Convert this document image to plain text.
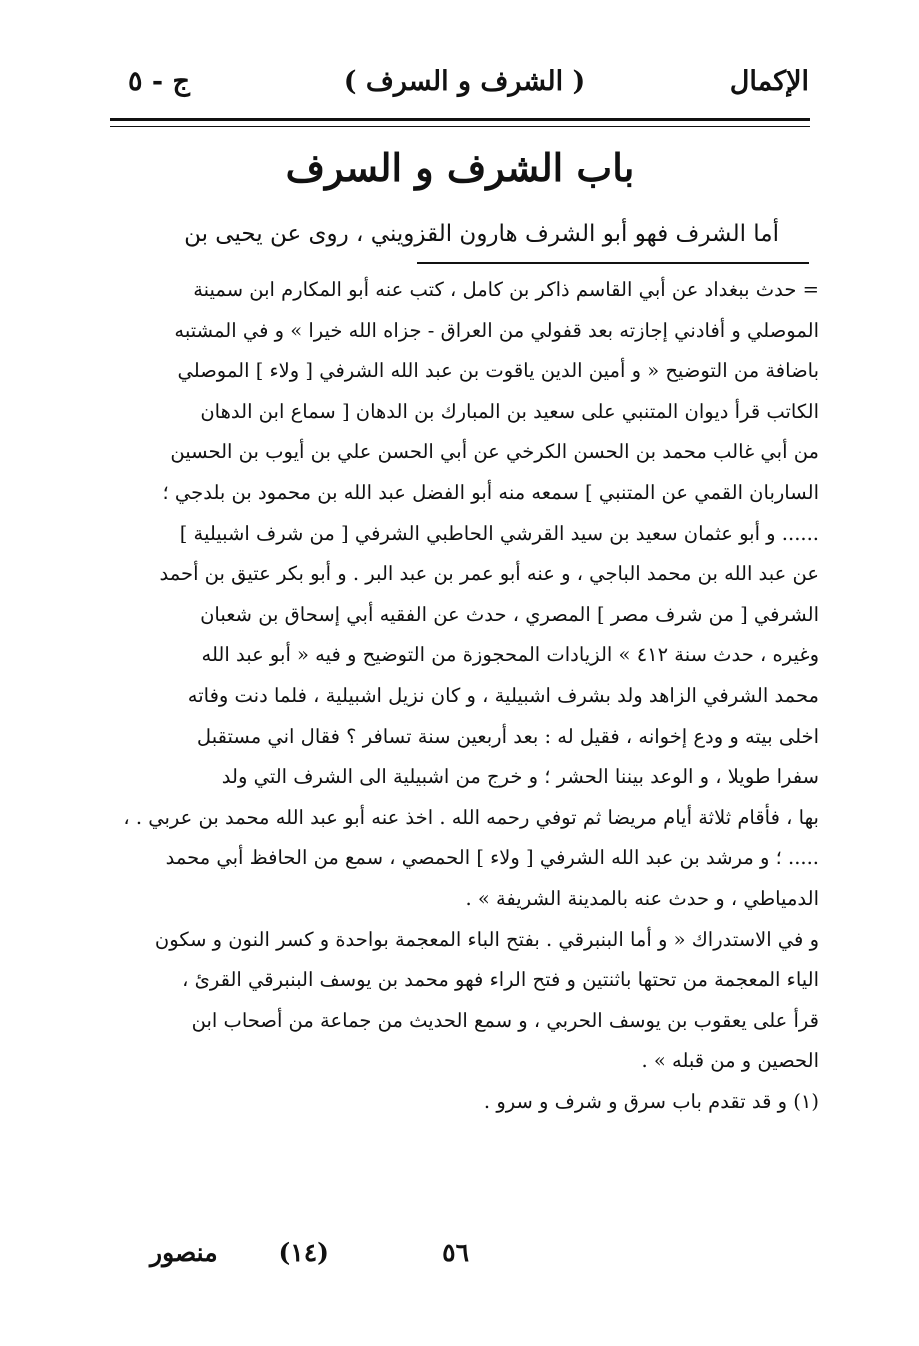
الإكمال
( الشرف و السرف )
ج - ٥
باب الشرف و السرف

أما الشرف فهو أبو الشرف هارون القزويني ، روى عن يحيى بن

= حدث ببغداد عن أبي القاسم ذاكر بن كامل ، كتب عنه أبو المكارم ابن سمينة
الموصلي و أفادني إجازته بعد قفولي من العراق - جزاه الله خيرا » و في المشتبه
باضافة من التوضيح « و أمين الدين ياقوت بن عبد الله الشرفي [ ولاء ] الموصلي
الكاتب قرأ ديوان المتنبي على سعيد بن المبارك بن الدهان [ سماع ابن الدهان
من أبي غالب محمد بن الحسن الكرخي عن أبي الحسن علي بن أيوب بن الحسين
الساربان القمي عن المتنبي ] سمعه منه أبو الفضل عبد الله بن محمود بن بلدجي ؛
...... و أبو عثمان سعيد بن سيد القرشي الحاطبي الشرفي [ من شرف اشبيلية ]
عن عبد الله بن محمد الباجي ، و عنه أبو عمر بن عبد البر . و أبو بكر عتيق بن أحمد
الشرفي [ من شرف مصر ] المصري ، حدث عن الفقيه أبي إسحاق بن شعبان
وغيره ، حدث سنة ٤١٢ » الزيادات المحجوزة من التوضيح و فيه « أبو عبد الله
محمد الشرفي الزاهد ولد بشرف اشبيلية ، و كان نزيل اشبيلية ، فلما دنت وفاته
اخلى بيته و ودع إخوانه ، فقيل له : بعد أربعين سنة تسافر ؟ فقال اني مستقبل
سفرا طويلا ، و الوعد بيننا الحشر ؛ و خرج من اشبيلية الى الشرف التي ولد
بها ، فأقام ثلاثة أيام مريضا ثم توفي رحمه الله . اخذ عنه أبو عبد الله محمد بن عربي . ،
..... ؛ و مرشد بن عبد الله الشرفي [ ولاء ] الحمصي ، سمع من الحافظ أبي محمد
الدمياطي ، و حدث عنه بالمدينة الشريفة » .
و في الاستدراك « و أما البنبرقي . بفتح الباء المعجمة بواحدة و كسر النون و سكون
الياء المعجمة من تحتها باثنتين و فتح الراء فهو محمد بن يوسف البنبرقي القرئ ،
قرأ على يعقوب بن يوسف الحربي ، و سمع الحديث من جماعة من أصحاب ابن
الحصين و من قبله » .
(١) و قد تقدم باب سرق و شرف و سرو .
٥٦
(١٤)
منصور
